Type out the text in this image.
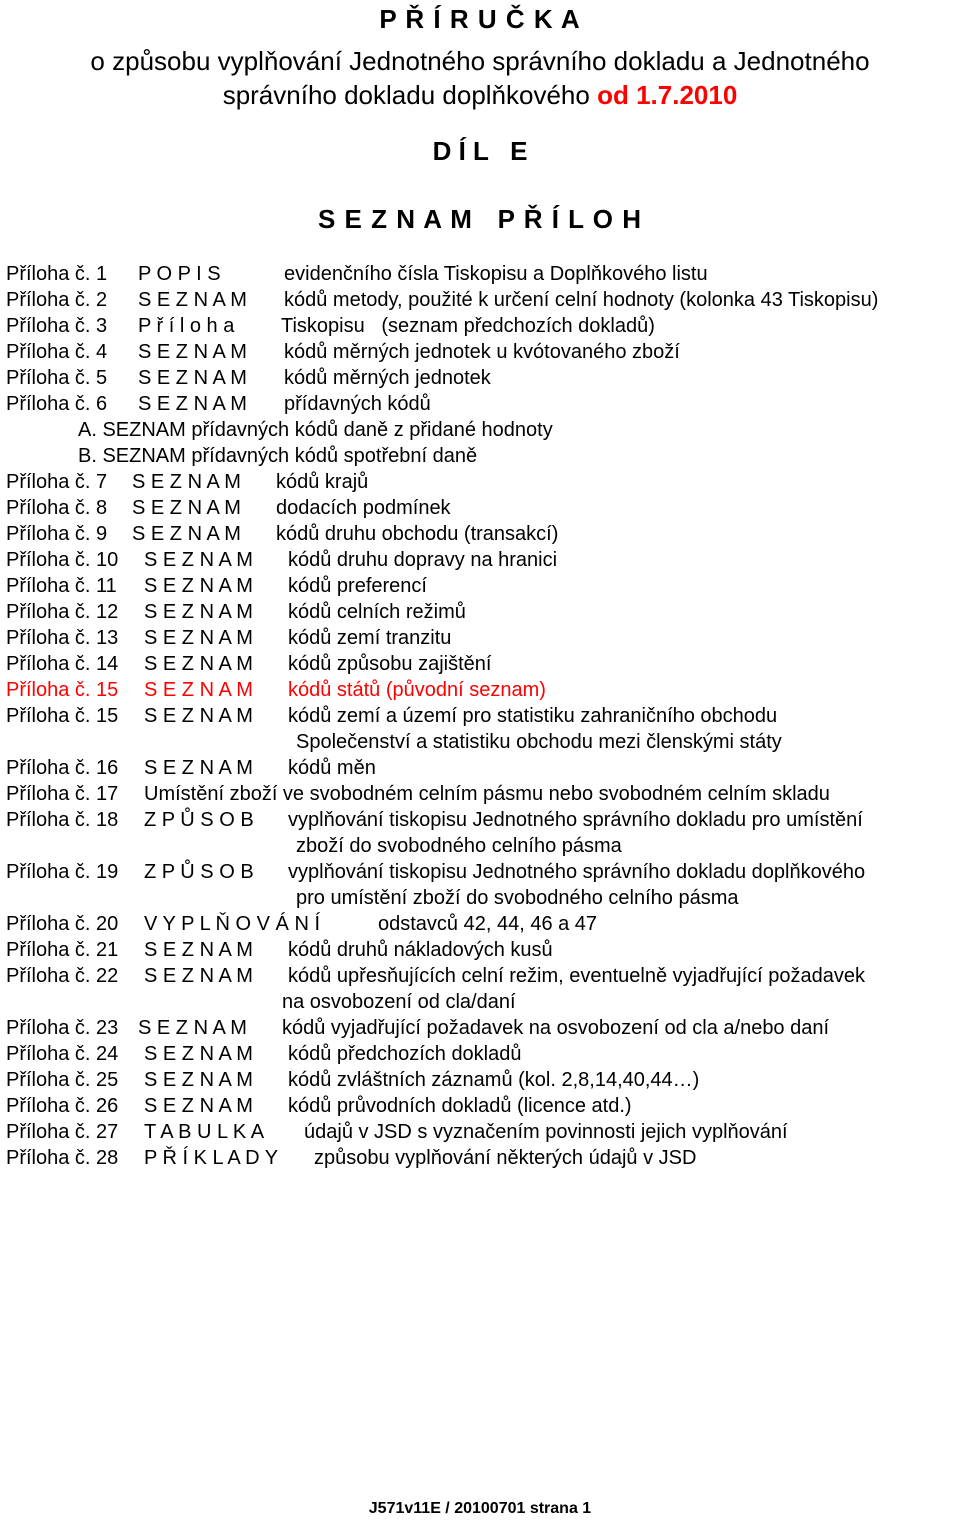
P Ř Í R U Č K A
o způsobu vyplňování Jednotného správního dokladu a Jednotného
správního dokladu doplňkového od 1.7.2010
D Í L   E
S E Z N A M   P Ř Í L O H
Příloha č. 1 P O P I S	evidenčního čísla Tiskopisu a Doplňkového listu
Příloha č. 2 S E Z N A M kódů metody, použité k určení celní hodnoty (kolonka 43 Tiskopisu)
Příloha č. 3 P ř í l o h a Tiskopisu   (seznam předchozích dokladů)
Příloha č. 4 S E Z N A M kódů měrných jednotek u kvótovaného zboží
Příloha č. 5 S E Z N A M kódů měrných jednotek
Příloha č. 6 S E Z N A M přídavných kódů
A. SEZNAM přídavných kódů daně z přidané hodnoty
B. SEZNAM přídavných kódů spotřební daně
Příloha č. 7 S E Z N A M kódů krajů
Příloha č. 8 S E Z N A M dodacích podmínek
Příloha č. 9 S E Z N A M kódů druhu obchodu (transakcí)
Příloha č. 10 S E Z N A M kódů druhu dopravy na hranici
Příloha č. 11 S E Z N A M kódů preferencí
Příloha č. 12 S E Z N A M kódů celních režimů
Příloha č. 13 S E Z N A M kódů zemí tranzitu
Příloha č. 14 S E Z N A M kódů způsobu zajištění
Příloha č. 15 S E Z N A M kódů států (původní seznam)
Příloha č. 15 S E Z N A M kódů zemí a území pro statistiku zahraničního obchodu
Společenství a statistiku obchodu mezi členskými státy
Příloha č. 16 S E Z N A M kódů měn
Příloha č. 17 Umístění zboží ve svobodném celním pásmu nebo svobodném celním skladu
Příloha č. 18 Z P Ů S O B vyplňování tiskopisu Jednotného správního dokladu pro umístění
zboží do svobodného celního pásma
Příloha č. 19 Z P Ů S O B vyplňování tiskopisu Jednotného správního dokladu doplňkového
pro umístění zboží do svobodného celního pásma
Příloha č. 20 V Y P L Ň O V Á N Í	odstavců 42, 44, 46 a 47
Příloha č. 21 S E Z N A M kódů druhů nákladových kusů
Příloha č. 22 S E Z N A M kódů upřesňujících celní režim, eventuelně vyjadřující požadavek
na osvobození od cla/daní
Příloha č. 23 S E Z N A M kódů vyjadřující požadavek na osvobození od cla a/nebo daní
Příloha č. 24 S E Z N A M kódů předchozích dokladů
Příloha č. 25 S E Z N A M kódů zvláštních záznamů (kol. 2,8,14,40,44…)
Příloha č. 26 S E Z N A M kódů průvodních dokladů (licence atd.)
Příloha č. 27 T A B U L K A údajů v JSD s vyznačením povinnosti jejich vyplňování
Příloha č. 28 P Ř Í K L A D Y způsobu vyplňování některých údajů v JSD
J571v11E / 20100701 strana 1
